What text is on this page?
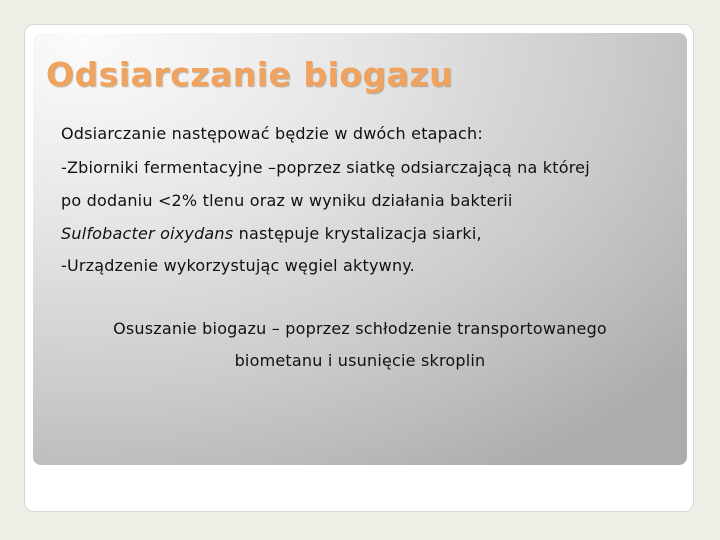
Odsiarczanie biogazu

Odsiarczanie następować będzie w dwóch etapach:

-Zbiorniki fermentacyjne –poprzez siatkę odsiarczającą na której

po dodaniu <2% tlenu oraz w wyniku działania bakterii

Sulfobacter oixydans następuje krystalizacja siarki,

-Urządzenie wykorzystując węgiel aktywny.

Osuszanie biogazu – poprzez schłodzenie transportowanego

biometanu i usunięcie skroplin
